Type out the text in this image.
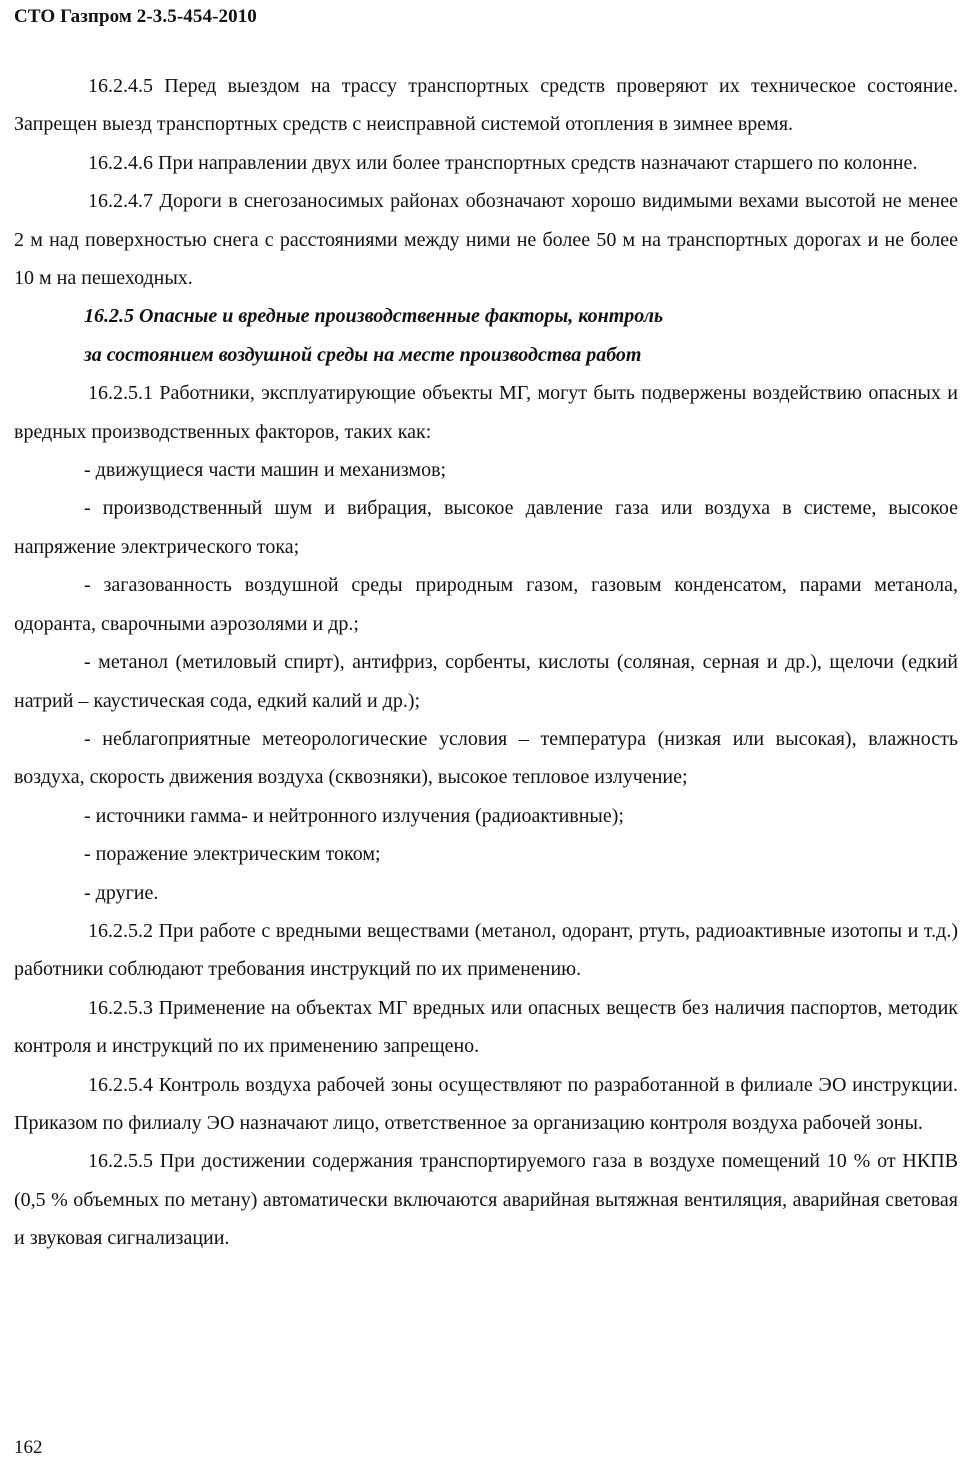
СТО Газпром 2-3.5-454-2010

16.2.4.5 Перед выездом на трассу транспортных средств проверяют их техническое состояние. Запрещен выезд транспортных средств с неисправной системой отопления в зимнее время.

16.2.4.6 При направлении двух или более транспортных средств назначают старшего по колонне.

16.2.4.7 Дороги в снегозаносимых районах обозначают хорошо видимыми вехами высотой не менее 2 м над поверхностью снега с расстояниями между ними не более 50 м на транспортных дорогах и не более 10 м на пешеходных.

16.2.5 Опасные и вредные производственные факторы, контроль

за состоянием воздушной среды на месте производства работ

16.2.5.1 Работники, эксплуатирующие объекты МГ, могут быть подвержены воздействию опасных и вредных производственных факторов, таких как:

- движущиеся части машин и механизмов;

- производственный шум и вибрация, высокое давление газа или воздуха в системе, высокое напряжение электрического тока;

- загазованность воздушной среды природным газом, газовым конденсатом, парами метанола, одоранта, сварочными аэрозолями и др.;

- метанол (метиловый спирт), антифриз, сорбенты, кислоты (соляная, серная и др.), щелочи (едкий натрий – каустическая сода, едкий калий и др.);

- неблагоприятные метеорологические условия – температура (низкая или высокая), влажность воздуха, скорость движения воздуха (сквозняки), высокое тепловое излучение;

- источники гамма- и нейтронного излучения (радиоактивные);

- поражение электрическим током;

- другие.

16.2.5.2 При работе с вредными веществами (метанол, одорант, ртуть, радиоактивные изотопы и т.д.) работники соблюдают требования инструкций по их применению.

16.2.5.3 Применение на объектах МГ вредных или опасных веществ без наличия паспортов, методик контроля и инструкций по их применению запрещено.

16.2.5.4 Контроль воздуха рабочей зоны осуществляют по разработанной в филиале ЭО инструкции. Приказом по филиалу ЭО назначают лицо, ответственное за организацию контроля воздуха рабочей зоны.

16.2.5.5 При достижении содержания транспортируемого газа в воздухе помещений 10 % от НКПВ (0,5 % объемных по метану) автоматически включаются аварийная вытяжная вентиляция, аварийная световая и звуковая сигнализации.

162
